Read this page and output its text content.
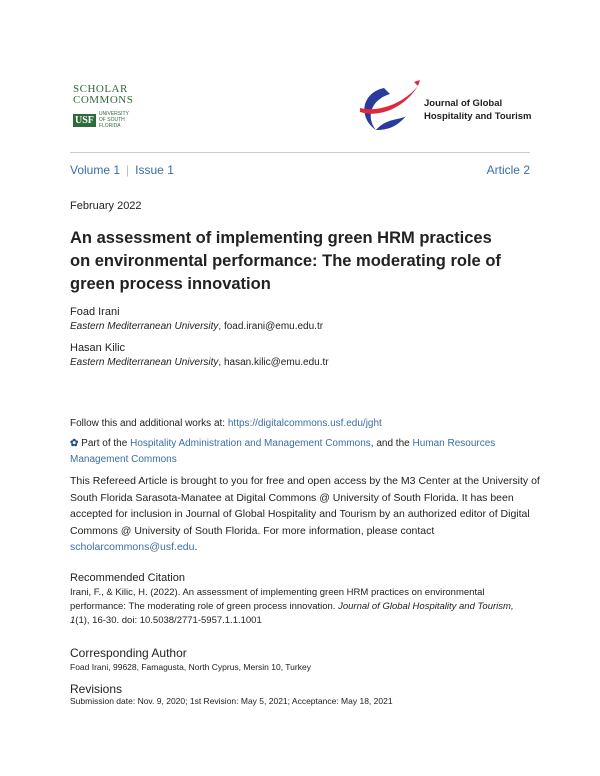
SCHOLAR COMMONS
USF
UNIVERSITY OF SOUTH FLORIDA
Journal of Global
Hospitality and Tourism
Volume 1 | Issue 1	Article 2
February 2022
An assessment of implementing green HRM practices on environmental performance: The moderating role of green process innovation
Foad Irani
Eastern Mediterranean University, foad.irani@emu.edu.tr
Hasan Kilic
Eastern Mediterranean University, hasan.kilic@emu.edu.tr
Follow this and additional works at: https://digitalcommons.usf.edu/jght
✿ Part of the Hospitality Administration and Management Commons, and the Human Resources Management Commons
This Refereed Article is brought to you for free and open access by the M3 Center at the University of South Florida Sarasota-Manatee at Digital Commons @ University of South Florida. It has been accepted for inclusion in Journal of Global Hospitality and Tourism by an authorized editor of Digital Commons @ University of South Florida. For more information, please contact scholarcommons@usf.edu.
Recommended Citation
Irani, F., & Kilic, H. (2022). An assessment of implementing green HRM practices on environmental performance: The moderating role of green process innovation. Journal of Global Hospitality and Tourism, 1(1), 16-30. doi: 10.5038/2771-5957.1.1.1001
Corresponding Author
Foad Irani, 99628, Famagusta, North Cyprus, Mersin 10, Turkey
Revisions
Submission date: Nov. 9, 2020; 1st Revision: May 5, 2021; Acceptance: May 18, 2021
